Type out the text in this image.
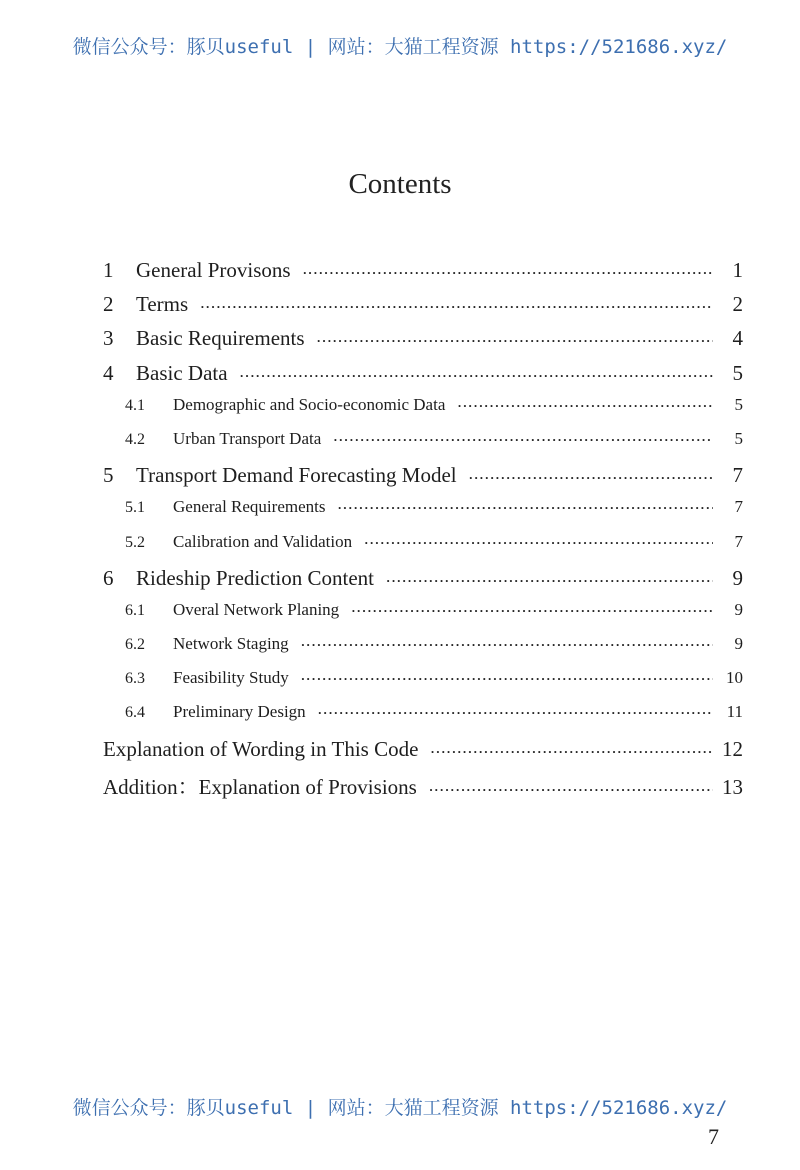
微信公众号：豚贝useful | 网站：大猫工程资源 https://521686.xyz/
Contents
1	General Provisons ·····	1
2	Terms ·····	2
3	Basic Requirements ·····	4
4	Basic Data ·····	5
4.1	Demographic and Socio-economic Data ·····	5
4.2	Urban Transport Data ·····	5
5	Transport Demand Forecasting Model ·····	7
5.1	General Requirements ·····	7
5.2	Calibration and Validation ·····	7
6	Rideship Prediction Content ·····	9
6.1	Overal Network Planing ·····	9
6.2	Network Staging ·····	9
6.3	Feasibility Study ·····	10
6.4	Preliminary Design ·····	11
Explanation of Wording in This Code ·····	12
Addition：Explanation of Provisions ·····	13
微信公众号：豚贝useful | 网站：大猫工程资源 https://521686.xyz/
7
